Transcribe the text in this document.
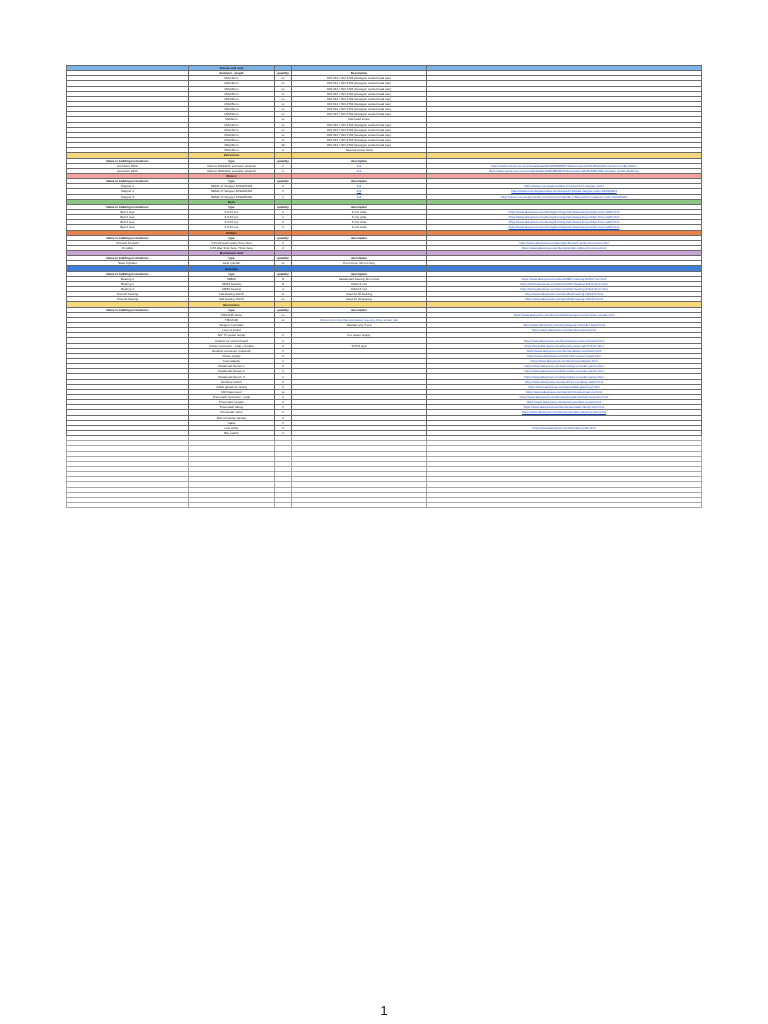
	Screws and nuts			
	diameter - length	quantity	Description	
	M3x12mm	xx	DIN 912 / ISO 4762 (Hexagon socket head cap)	
	M3x16mm	xx	DIN 912 / ISO 4762 (Hexagon socket head cap)	
	M3x20mm	xx	DIN 912 / ISO 4762 (Hexagon socket head cap)	
	M3x25mm	xx	DIN 912 / ISO 4762 (Hexagon socket head cap)	
	M3x30mm	xx	DIN 912 / ISO 4762 (Hexagon socket head cap)	
	M3x35mm	xx	DIN 912 / ISO 4762 (Hexagon socket head cap)	
	M3x40mm	xx	DIN 912 / ISO 4762 (Hexagon socket head cap)	
	M3x50mm	xx	DIN 912 / ISO 4762 (Hexagon socket head cap)	
	M3x6mm	xx	Flat head screw	
	M4x10mm	xx	DIN 912 / ISO 4762 (Hexagon socket head cap)	
	M4x16mm	xx	DIN 912 / ISO 4762 (Hexagon socket head cap)	
	M4x20mm	xx	DIN 912 / ISO 4762 (Hexagon socket head cap)	
	M4x25mm	xx	DIN 912 / ISO 4762 (Hexagon socket head cap)	
	M5x25mm	20	DIN 912 / ISO 4762 (Hexagon socket head cap)	
	M3x10mm	2	Tapered screw head	
	Extrusions			
Name in building instructions	type	quantity	description	
Extrusion 2020	Misumi 2020 ECL extrusion (slotted)	2	link	https://www.misumi-ec.com/vona2/detail/110302683830/?HissuCode=HFS5-2020-300 extrusion profile 20mm
Extrusion 2040	Misumi 2040 ECL extrusion (slotted)	2	link	https://www.misumi-ec.com/vona2/detail/110302686450/?HissuCode=HFS5-2040-300 extrusion profile 20x40mm
	Motors			
Name in building instructions	type	quantity	description	
Stepper 1	NEMA 17 Stepper 42SHD0404	2	link	https://www.omc-stepperonline.com/nema-17-stepper-motor
Stepper 2	NEMA 17 Stepper 42SHD0404	2	link	https://www.omc-stepperonline.com/nema-17-bipolar-stepper-motor-42shd0404
Stepper 3	NEMA 17 Stepper 42SHD0404	1	link	https://www.omc-stepperonline.com/nema-17-bipolar-1-8deg-26ncm-stepper-motor-42shd0404
	Belts			
Name in building instructions	type	quantity	description	
Belt 1 loop	6 GT2 xxx	2	6 mm wide	https://www.aliexpress.com/item/gt2-timing-belt-closed-loop-rubber-6mm-width.html
Belt 2 loop	6 GT2 xxx	2	6 mm wide	https://www.aliexpress.com/item/gt2-timing-belt-closed-loop-rubber-6mm-width.html
Belt 3 loop	6 GT2 xxx	2	6 mm wide	https://www.aliexpress.com/item/gt2-timing-belt-closed-loop-rubber-6mm-width.html
Belt 4 loop	6 GT2 xxx	2	6 mm wide	https://www.aliexpress.com/item/gt2-timing-belt-closed-loop-rubber-6mm-width.html
	Pulleys			
Name in building instructions	type	quantity	description	
20 teeth 10 teeth	GT2 20 teeth pulley 5mm bore	2		https://www.aliexpress.com/item/gt2-20-teeth-pulley-5mm-bore.html
IF pulley	GT2 idler 3mm bore / 5mm bore	2		https://www.aliexpress.com/item/gt2-idler-pulley-3mm-bore.html
	Mechanical stuff			
Name in building instructions	type	quantity	description	
Steel Cylinder	steel cylinder	xx	8 mm bore, 30 mm long	
	Bearings			
Name in building instructions	type	quantity	description	
Bearing 1	608ZZ	8	Skateboard bearing 8mm bore	https://www.aliexpress.com/item/608zz-bearing-8x22x7mm.html
Bearing 2	MR63 bearing	8	3x6x2.5 mm	https://www.aliexpress.com/item/mr63zz-bearing-3x6x2-5mm.html
Bearing 3	MR63 bearing	4	3x6x2.5 mm	https://www.aliexpress.com/item/mr63zz-bearing-3x6x2-5mm.html
Smooth bearing	ball bearing 10x15	xx	Used for tilt bearing	https://www.aliexpress.com/item/ball-bearing-10x15x4.html
Smooth bearing	ball bearing 10x15	xx	Used for tilt bearing	https://www.aliexpress.com/item/ball-bearing-10x15x4.html
	Electronics			
Name in building instructions	type	quantity	description	
	TMC2130 driver	xx		https://www.aliexpress.com/item/tmc2130-stepper-motor-driver-module.html
	TMC2130	xx	Drivers from the links are tested, use any other at own risk	
	Stepper Controller		Needed only if you	https://www.aliexpress.com/item/stepper-controller-board.html
	Lens of board			https://www.aliexpress.com/item/lens-board.html
	12V 7V power supply	2	For power supply	
	Arduino for control board	2		https://www.aliexpress.com/item/arduino-nano-v3-board.html
	Power connector - male + female	2	DC5.5 jack	https://www.aliexpress.com/item/dc-power-jack-5-5mm.html
	Endstop connector (optional)	2		https://www.aliexpress.com/item/endstop-connector.html
	Power supply	2		https://www.aliexpress.com/item/12v-power-supply.html
	Cord adapter	2		https://www.aliexpress.com/item/cord-adapter.html
	Rotational Sensor 1	2		https://www.aliexpress.com/item/rotary-encoder-sensor.html
	Rotational Sensor 2	2		https://www.aliexpress.com/item/rotary-encoder-sensor.html
	Rotational Sensor 3	2		https://www.aliexpress.com/item/rotary-encoder-sensor.html
	Endstop switch	2		https://www.aliexpress.com/item/micro-endstop-switch.html
	Cable glands for wiring	2		https://www.aliexpress.com/item/cable-gland-pg7.html
	M3 brass insert	xx		https://www.aliexpress.com/item/m3-brass-insert-nut.html
	Pneumatic connector - male	2		https://www.aliexpress.com/item/pneumatic-push-fit-connector.html
	Pneumatic coupler	2		https://www.aliexpress.com/item/pneumatic-coupler.html
	Pneumatic tubing	2		https://www.aliexpress.com/item/pneumatic-tubing-4mm.html
	Pneumatic valve	2		https://www.aliexpress.com/item/pneumatic-solenoid-valve.html
	Bus connector female	2		
	Cable	2		
	Line cutter	2		https://www.aliexpress.com/item/line-cutter.html
	Bus switch	2		

1
